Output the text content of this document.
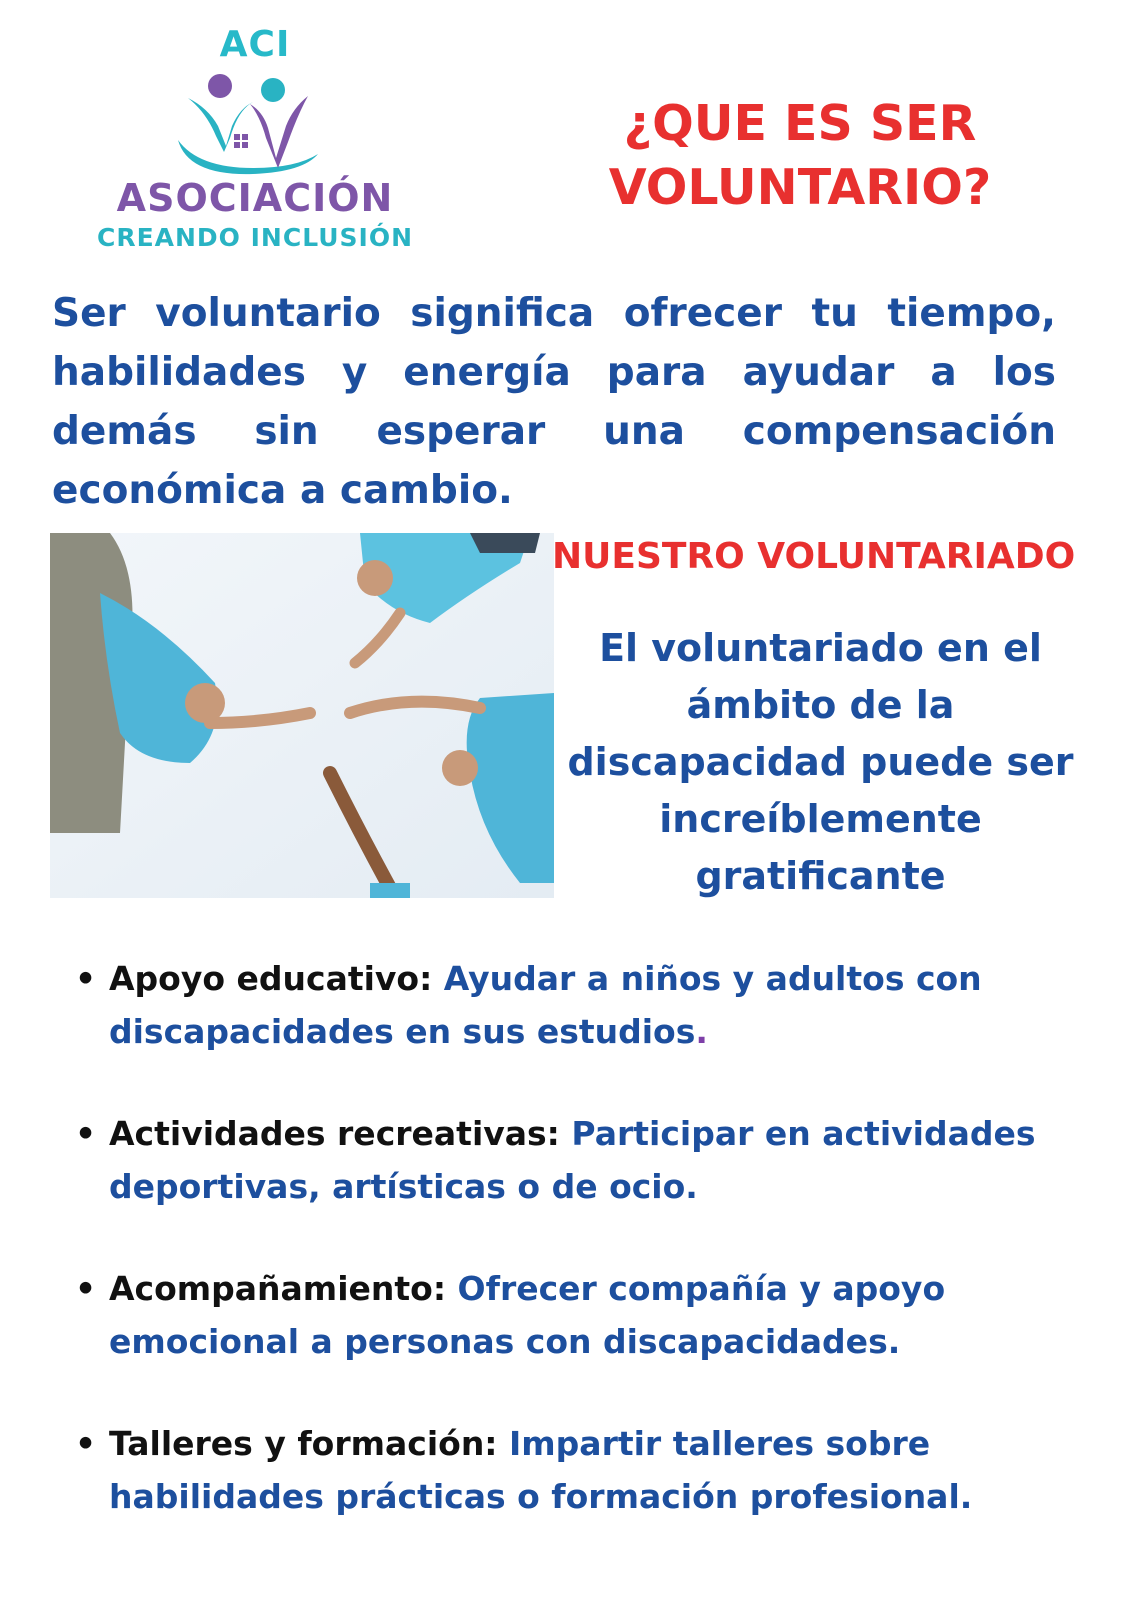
ACI
ASOCIACIÓN
CREANDO INCLUSIÓN
¿QUE ES SER VOLUNTARIO?

Ser voluntario significa ofrecer tu tiempo, habilidades y energía para ayudar a los demás sin esperar una compensación económica a cambio.

NUESTRO VOLUNTARIADO

El voluntariado en el ámbito de la discapacidad puede ser increíblemente gratificante

• Apoyo educativo: Ayudar a niños y adultos con discapacidades en sus estudios.
• Actividades recreativas: Participar en actividades deportivas, artísticas o de ocio.
• Acompañamiento: Ofrecer compañía y apoyo emocional a personas con discapacidades.
• Talleres y formación: Impartir talleres sobre habilidades prácticas o formación profesional.
